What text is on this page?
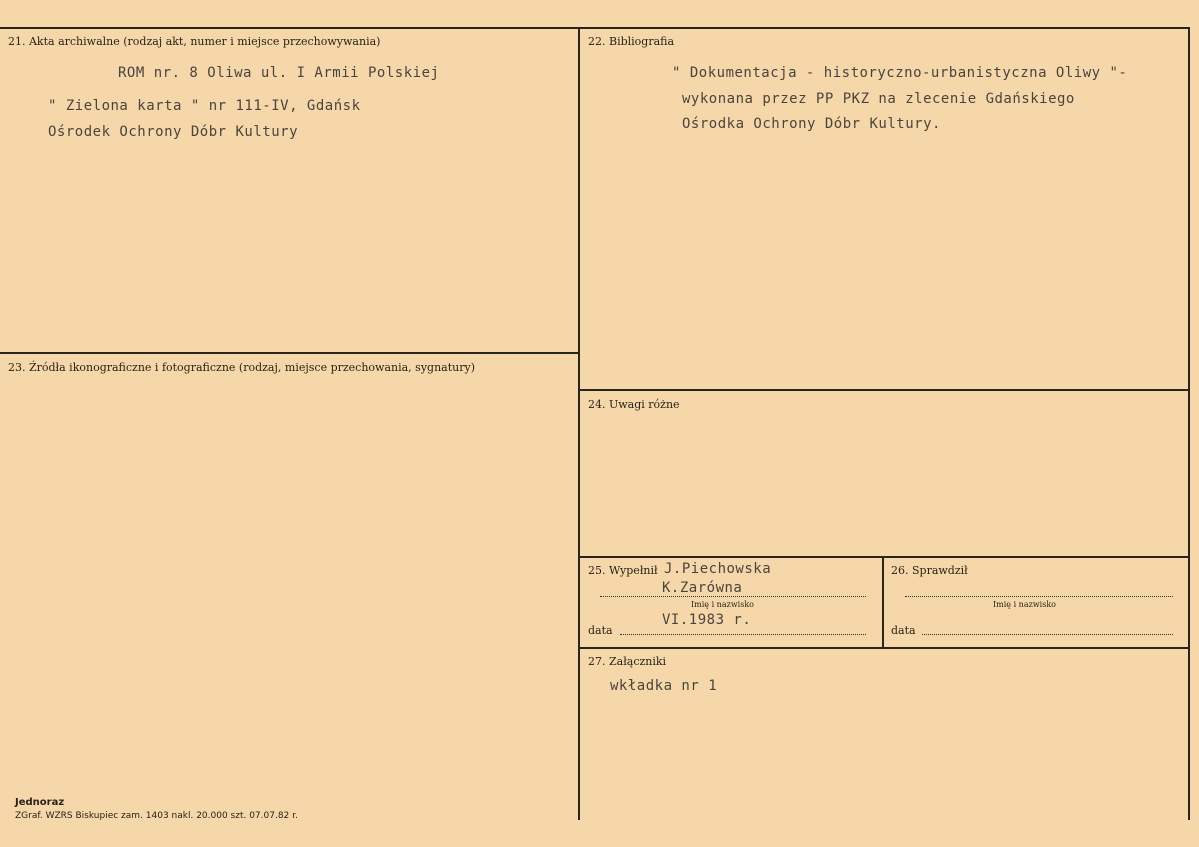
21. Akta archiwalne (rodzaj akt, numer i miejsce przechowywania)
ROM nr. 8 Oliwa ul. I Armii Polskiej
" Zielona karta " nr 111-IV, Gdańsk
Ośrodek Ochrony Dóbr Kultury
22. Bibliografia
" Dokumentacja - historyczno-urbanistyczna Oliwy "-
wykonana przez PP PKZ na zlecenie Gdańskiego
Ośrodka Ochrony Dóbr Kultury.
23. Źródła ikonograficzne i fotograficzne (rodzaj, miejsce przechowania, sygnatury)
24. Uwagi różne
25. Wypełnił J.Piechowska
K.Zarówna
Imię i nazwisko
data
VI.1983 r.
26. Sprawdził
Imię i nazwisko
data
27. Załączniki
wkładka nr 1
Jednoraz
ZGraf. WZRS Biskupiec zam. 1403 nakl. 20.000 szt. 07.07.82 r.
